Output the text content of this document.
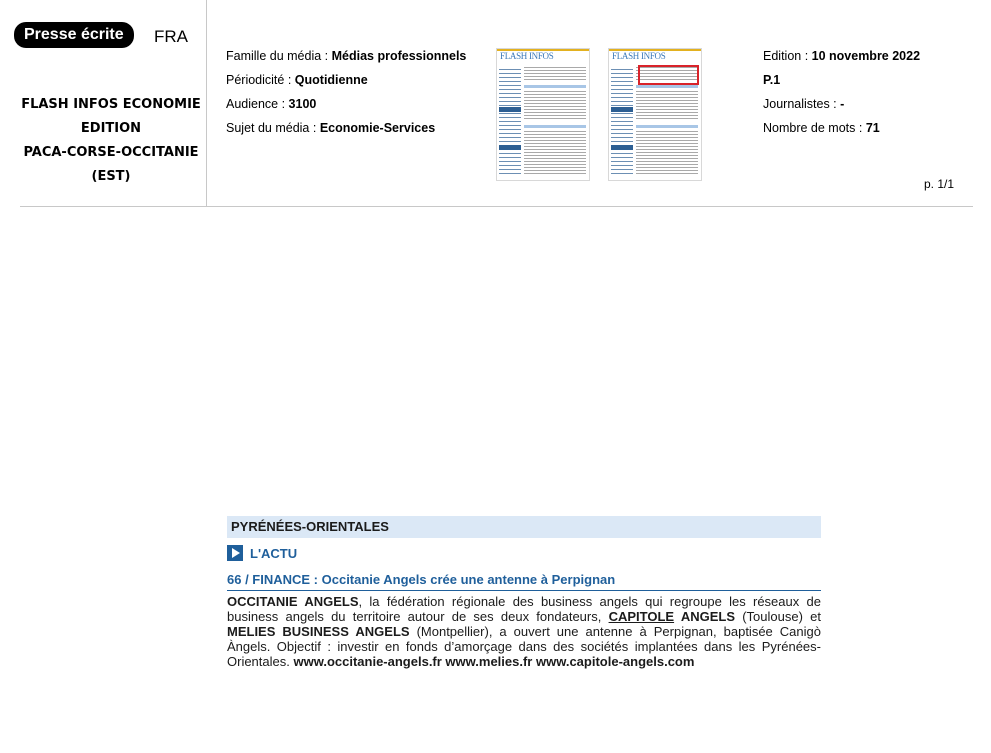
Presse écrite	FRA
FLASH INFOS ECONOMIE
EDITION
PACA-CORSE-OCCITANIE
(EST)
Famille du média : Médias professionnels
Périodicité : Quotidienne
Audience : 3100
Sujet du média : Economie-Services
FLASH INFOS	FLASH INFOS	Edition : 10 novembre 2022
P.1
Journalistes : -
Nombre de mots : 71
p. 1/1
PYRÉNÉES-ORIENTALES
L'ACTU
66 / FINANCE : Occitanie Angels crée une antenne à Perpignan
OCCITANIE ANGELS, la fédération régionale des business angels qui regroupe les réseaux de business angels du territoire autour de ses deux fondateurs, CAPITOLE ANGELS (Toulouse) et MELIES BUSINESS ANGELS (Montpellier), a ouvert une antenne à Perpignan, baptisée Canigò Àngels. Objectif : investir en fonds d’amorçage dans des sociétés implantées dans les Pyrénées-Orientales. www.occitanie-angels.fr www.melies.fr www.capitole-angels.com
